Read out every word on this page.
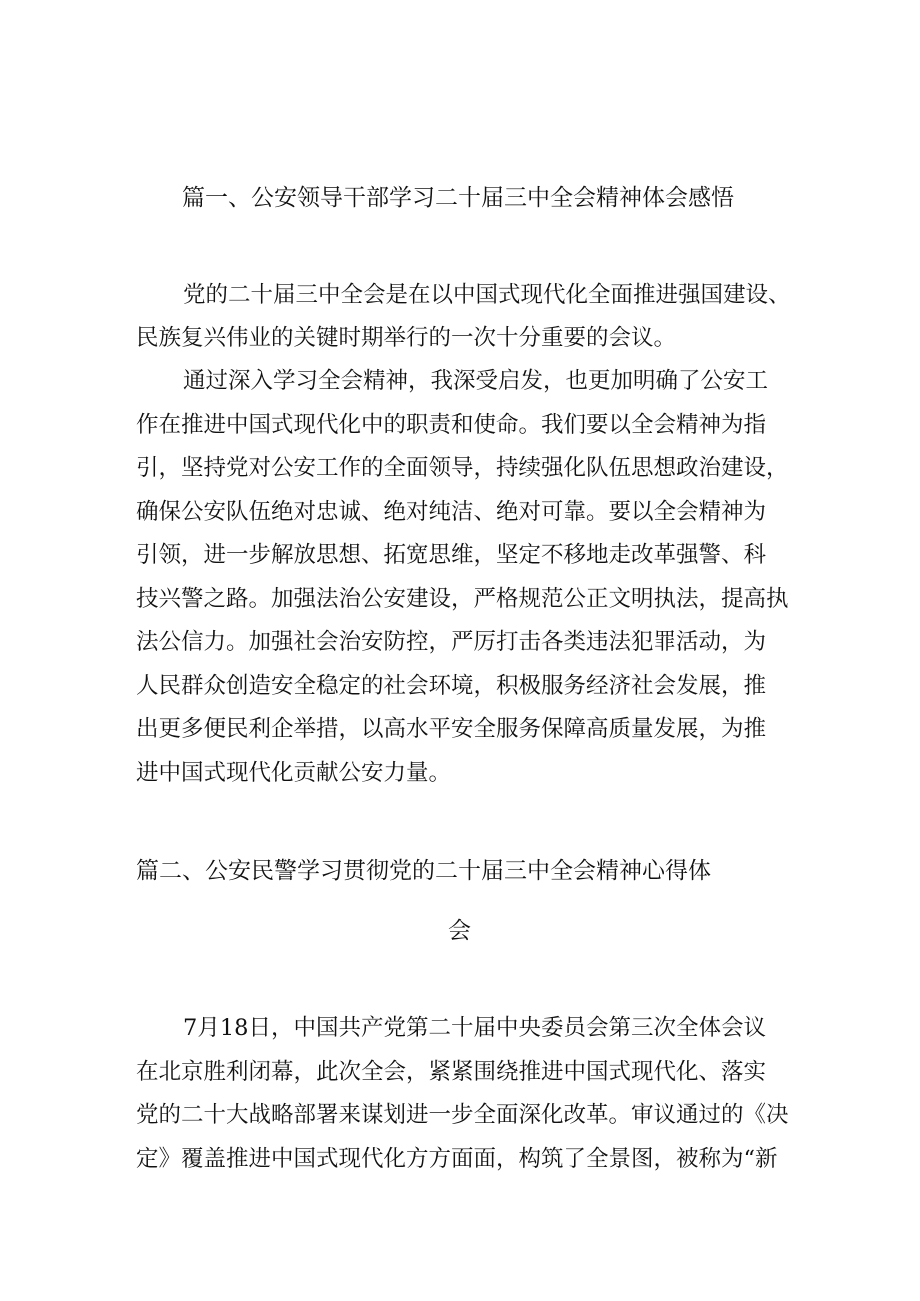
篇一、公安领导干部学习二十届三中全会精神体会感悟
党的二十届三中全会是在以中国式现代化全面推进强国建设、
民族复兴伟业的关键时期举行的一次十分重要的会议。
通过深入学习全会精神，我深受启发，也更加明确了公安工
作在推进中国式现代化中的职责和使命。我们要以全会精神为指
引，坚持党对公安工作的全面领导，持续强化队伍思想政治建设，
确保公安队伍绝对忠诚、绝对纯洁、绝对可靠。要以全会精神为
引领，进一步解放思想、拓宽思维，坚定不移地走改革强警、科
技兴警之路。加强法治公安建设，严格规范公正文明执法，提高执
法公信力。加强社会治安防控，严厉打击各类违法犯罪活动，为
人民群众创造安全稳定的社会环境，积极服务经济社会发展，推
出更多便民利企举措，以高水平安全服务保障高质量发展，为推
进中国式现代化贡献公安力量。
篇二、公安民警学习贯彻党的二十届三中全会精神心得体
会
7月18日，中国共产党第二十届中央委员会第三次全体会议
在北京胜利闭幕，此次全会，紧紧围绕推进中国式现代化、落实
党的二十大战略部署来谋划进一步全面深化改革。审议通过的《决
定》覆盖推进中国式现代化方方面面，构筑了全景图，被称为“新
